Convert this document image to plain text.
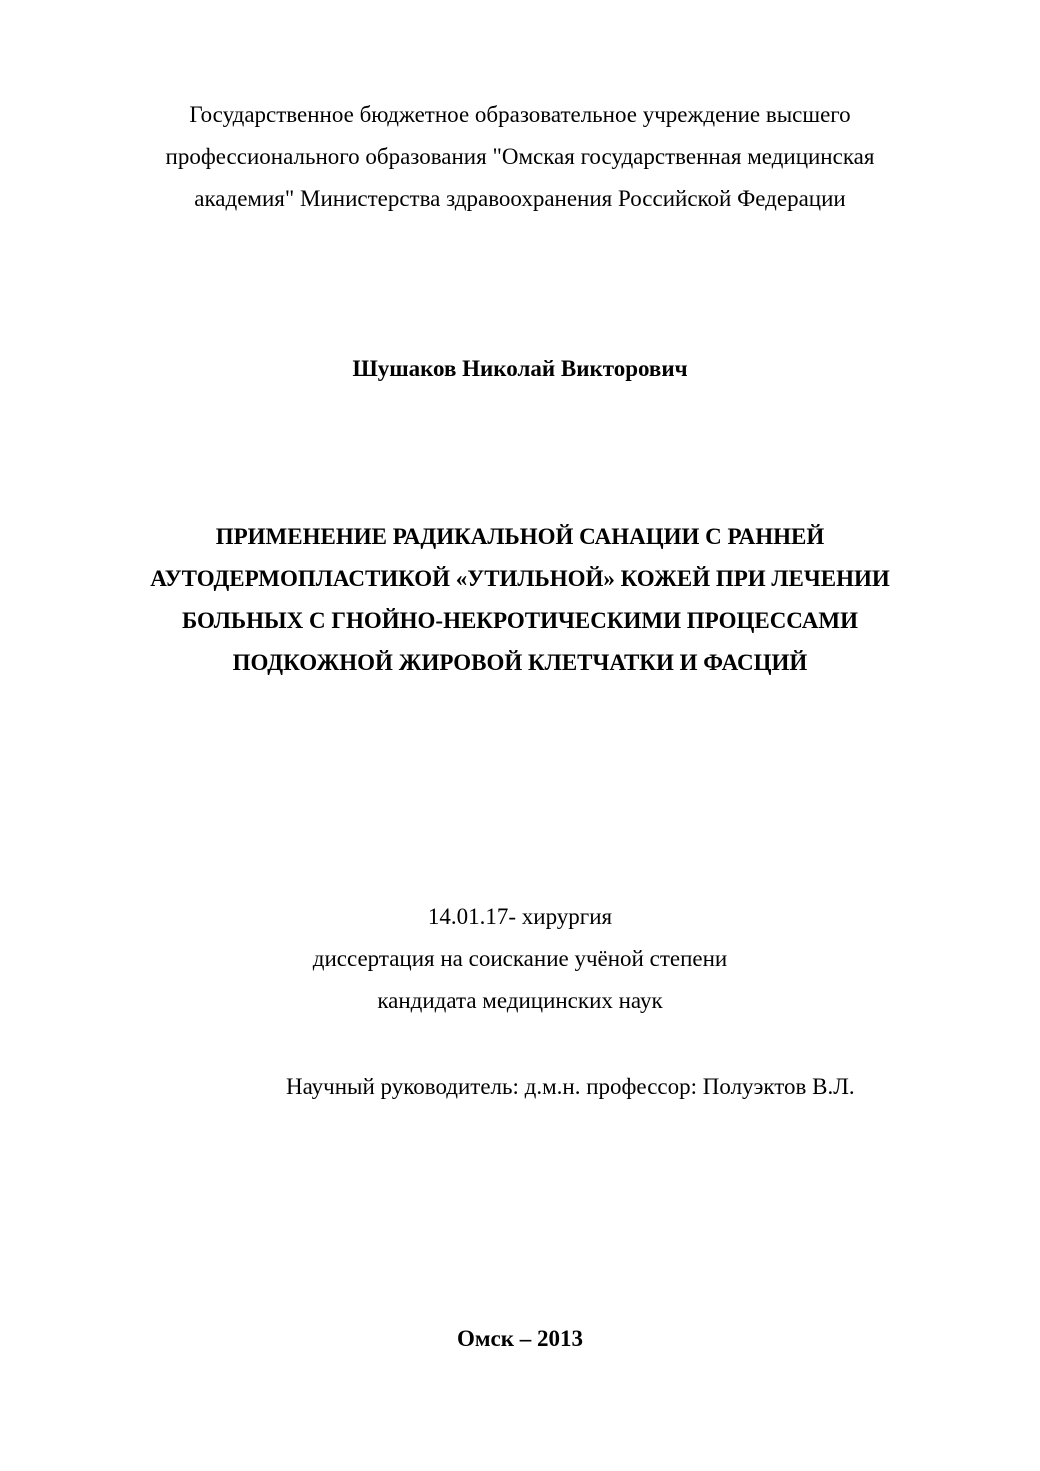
Государственное бюджетное образовательное учреждение высшего
профессионального образования "Омская государственная медицинская
академия" Министерства здравоохранения Российской Федерации
Шушаков Николай Викторович
ПРИМЕНЕНИЕ РАДИКАЛЬНОЙ САНАЦИИ С РАННЕЙ
АУТОДЕРМОПЛАСТИКОЙ «УТИЛЬНОЙ» КОЖЕЙ ПРИ ЛЕЧЕНИИ
БОЛЬНЫХ С ГНОЙНО-НЕКРОТИЧЕСКИМИ ПРОЦЕССАМИ
ПОДКОЖНОЙ ЖИРОВОЙ КЛЕТЧАТКИ И ФАСЦИЙ
14.01.17- хирургия
диссертация на соискание учёной степени
кандидата медицинских наук
Научный руководитель: д.м.н. профессор: Полуэктов В.Л.
Омск – 2013
